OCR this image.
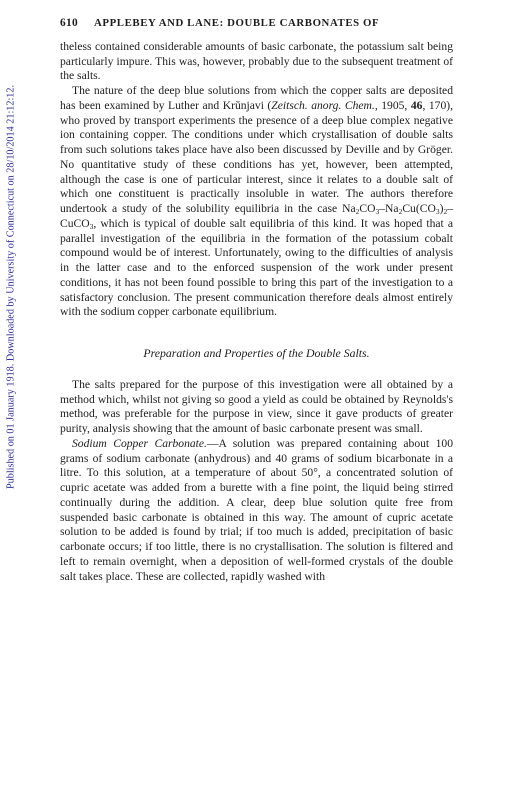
Published on 01 January 1918. Downloaded by University of Connecticut on 28/10/2014 21:12:12.
610	APPLEBEY AND LANE: DOUBLE CARBONATES OF

theless contained considerable amounts of basic carbonate, the potassium salt being particularly impure. This was, however, probably due to the subsequent treatment of the salts.

The nature of the deep blue solutions from which the copper salts are deposited has been examined by Luther and Krŭnjavi (Zeitsch. anorg. Chem., 1905, 46, 170), who proved by transport experiments the presence of a deep blue complex negative ion containing copper. The conditions under which crystallisation of double salts from such solutions takes place have also been discussed by Deville and by Gröger. No quantitative study of these conditions has yet, however, been attempted, although the case is one of particular interest, since it relates to a double salt of which one constituent is practically insoluble in water. The authors therefore undertook a study of the solubility equilibria in the case $Na_2CO_3-Na_2Cu(CO_3)_2-CuCO_3$, which is typical of double salt equilibria of this kind. It was hoped that a parallel investigation of the equilibria in the formation of the potassium cobalt compound would be of interest. Unfortunately, owing to the difficulties of analysis in the latter case and to the enforced suspension of the work under present conditions, it has not been found possible to bring this part of the investigation to a satisfactory conclusion. The present communication therefore deals almost entirely with the sodium copper carbonate equilibrium.

Preparation and Properties of the Double Salts.

The salts prepared for the purpose of this investigation were all obtained by a method which, whilst not giving so good a yield as could be obtained by Reynolds's method, was preferable for the purpose in view, since it gave products of greater purity, analysis showing that the amount of basic carbonate present was small.

Sodium Copper Carbonate.—A solution was prepared containing about 100 grams of sodium carbonate (anhydrous) and 40 grams of sodium bicarbonate in a litre. To this solution, at a temperature of about 50°, a concentrated solution of cupric acetate was added from a burette with a fine point, the liquid being stirred continually during the addition. A clear, deep blue solution quite free from suspended basic carbonate is obtained in this way. The amount of cupric acetate solution to be added is found by trial; if too much is added, precipitation of basic carbonate occurs; if too little, there is no crystallisation. The solution is filtered and left to remain overnight, when a deposition of well-formed crystals of the double salt takes place. These are collected, rapidly washed with
